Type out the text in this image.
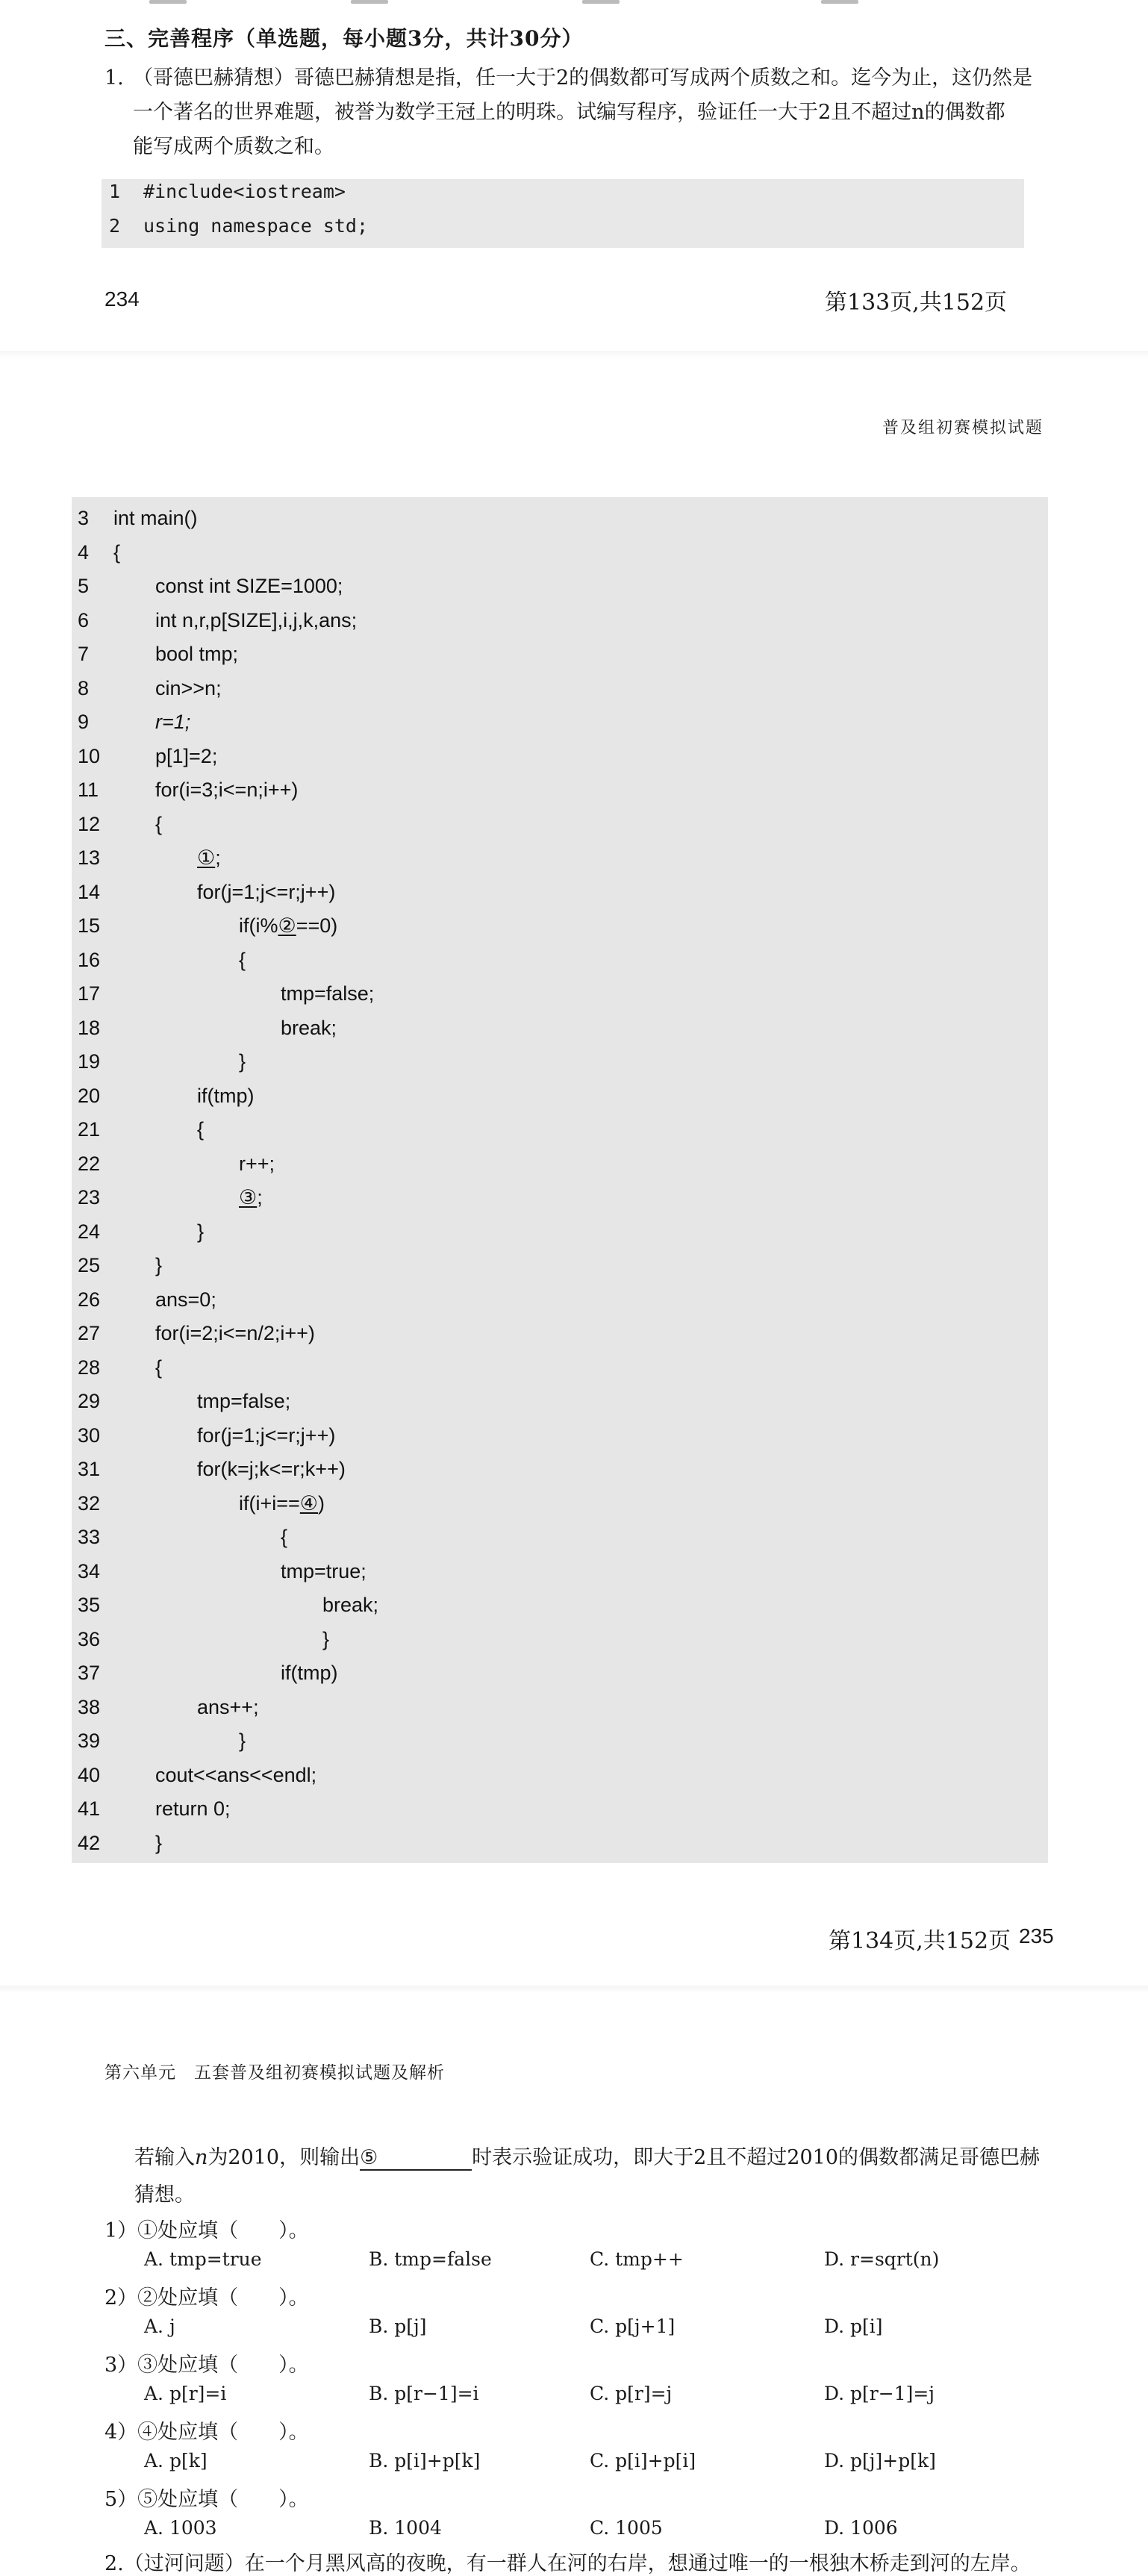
三、完善程序（单选题，每小题3分，共计30分）
1. （哥德巴赫猜想）哥德巴赫猜想是指，任一大于2的偶数都可写成两个质数之和。迄今为止，这仍然是
一个著名的世界难题，被誉为数学王冠上的明珠。试编写程序，验证任一大于2且不超过n的偶数都
能写成两个质数之和。
1 #include<iostream>
2 using namespace std;
234	第133页,共152页
普及组初赛模拟试题
3	int main()
4	{
5	const int SIZE=1000;
6	int n,r,p[SIZE],i,j,k,ans;
7	bool tmp;
8	cin>>n;
9	r=1;
10	p[1]=2;
11	for(i=3;i<=n;i++)
12	{
13	①;
14	for(j=1;j<=r;j++)
15	if(i%②==0)
16	{
17	tmp=false;
18	break;
19	}
20	if(tmp)
21	{
22	r++;
23	③;
24	}
25	}
26	ans=0;
27	for(i=2;i<=n/2;i++)
28	{
29	tmp=false;
30	for(j=1;j<=r;j++)
31	for(k=j;k<=r;k++)
32	if(i+i==④)
33	{
34	tmp=true;
35	break;
36	}
37	if(tmp)
38	ans++;
39	}
40	cout<<ans<<endl;
41	return 0;
42	}
第134页,共152页 235
第六单元　五套普及组初赛模拟试题及解析
若输入n为2010，则输出⑤	时表示验证成功，即大于2且不超过2010的偶数都满足哥德巴赫
猜想。
1）①处应填（　　）。
A. tmp=true	B. tmp=false	C. tmp++	D. r=sqrt(n)
2）②处应填（　　）。
A. j	B. p[j]	C. p[j+1]	D. p[i]
3）③处应填（　　）。
A. p[r]=i	B. p[r−1]=i	C. p[r]=j	D. p[r−1]=j
4）④处应填（　　）。
A. p[k]	B. p[i]+p[k]	C. p[i]+p[i]	D. p[j]+p[k]
5）⑤处应填（　　）。
A. 1003	B. 1004	C. 1005	D. 1006
2.（过河问题）在一个月黑风高的夜晚，有一群人在河的右岸，想通过唯一的一根独木桥走到河的左岸。
